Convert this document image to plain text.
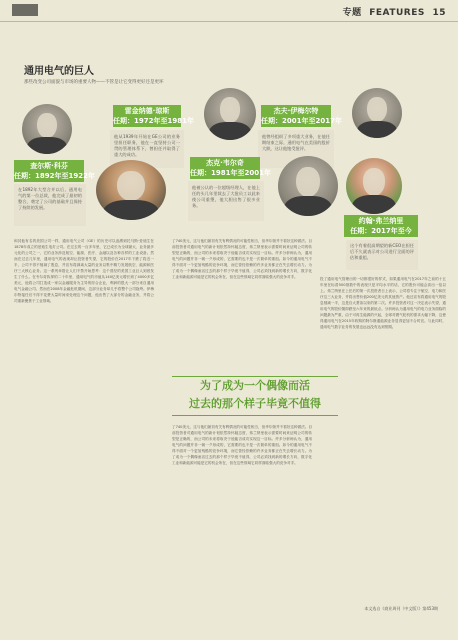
专题 FEATURES 15
通用电气的巨人

那些改变公司面貌与市场的重要人物——不管是让它变得更好还是更坏

雷金纳德·琼斯
任期：1972年至1981年
他从1939年开始在GE公司的业务里担任职务，他在一直坚持公司一贯的管理体系下，曾担任并取得了重大的成功。
杰夫·伊梅尔特
任期：2001年至2017年
他曾经组织了多项重大业务，在他任期结束之际，通用电气在美国的股价大跌，这让他饱受批评。
查尔斯·科芬
任期：1892年至1922年
在1892年大型合并以后，通用电气的第一位总裁，他完成了最初的整合，奠定了公司的基础并且保持了持续的发展。
杰克·韦尔奇
任期：1981年至2001年
他被公认的一位超级经理人，在他上任的头几年里裁去了大批员工以此来使公司重塑，他大胆出售了很多业务。
约翰·弗兰纳里
任期：2017年至今
这个有着很高期望的新CEO在担任后不久就表示对公司进行全面的评估和重组。
和其他有名的美国公司一样，通用电气公司（GE）的历史可以追溯到托马斯·爱迪生在1878年成立的爱迪生电灯公司。在过去的一百多年里，它已成长为全球最大、业务最多元化的公司之一，它的业务涉及航空、能源、医疗、金融以及各种各样的工业设备。然而在过去几年里，通用电气的表现却让投资者失望，它的股价在2017年下跌了将近一半，公司不得不削减了股息，并宣布将剥离大量的业务以集中精力发展航空、能源和医疗三大核心业务。这一系列举措让人们不禁开始思考：这个曾经的美国工业巨人到底发生了什么。在韦尔奇执掌的二十年里，通用电气的市值从140亿美元增长到了4000多亿美元，他将公司打造成一家以金融服务为主导的综合企业，利润的很大一部分来自通用电气金融公司。然而在2008年金融危机期间，这部分业务却几乎将整个公司拖垮。伊梅尔特接任后不得不花费大量时间来处理这个问题，他出售了大部分的金融业务，并将公司重新聚焦于工业领域。
了740美元，这与他们最初有关有利情况的可能性相当，但华尔街并不看好这种做法。目前投资者对通用电气的新计划依然持怀疑态度，弗兰纳里表示需要时间来证明公司的转型是正确的，而公司的未来将取决于他能否成功实现这一目标。许多分析师认为，通用电气的问题并非一朝一夕形成的，它需要的也不是一次简单的重组。如今的通用电气不得不面对一个更加残酷的竞争环境，而它曾经依赖的许多业务都正在失去增长动力。为了成为一个偶像而活过去的那个样子毕竟不值得，公司必须找到新的增长方向，数字化工业和新能源可能是它的机会所在，但在这些领域它同样面临强大的竞争对手。
了740美元，这与他们最初有关有利情况的可能性相当，但华尔街并不看好这种做法。目前投资者对通用电气的新计划依然持怀疑态度，弗兰纳里表示需要时间来证明公司的转型是正确的，而公司的未来将取决于他能否成功实现这一目标。许多分析师认为，通用电气的问题并非一朝一夕形成的，它需要的也不是一次简单的重组。如今的通用电气不得不面对一个更加残酷的竞争环境，而它曾经依赖的许多业务都正在失去增长动力。为了成为一个偶像而活过去的那个样子毕竟不值得，公司必须找到新的增长方向，数字化工业和新能源可能是它的机会所在，但在这些领域它同样面临强大的竞争对手。
投了通用电气管理出的一切都很好的样式，如果通用电气在2017年之前的十五年里在标普500指数中的表现只是平均水平的话，它的股价可能会高出一倍以上。弗兰纳里在上任后的第一次投资者日上表示，公司将专注于航空、电力和医疗这三大业务，并将出售价值200亿美元的其他资产。他还宣布将通用电气的股息削减一半，这是自大萧条以来的第二次。许多投资者对这一决定表示失望，通用电气的股价随即跌至六年来的最低点。分析师认为通用电气的电力业务面临的问题最为严重，由于可再生能源的兴起，全球对燃气轮机的需求大幅下降，这使得通用电气在2015年收购的阿尔斯通能源业务显得更加不合时宜。与此同时，通用电气数字业务的发展也远远没有达到预期。
为了成为一个偶像而活
过去的那个样子毕竟不值得
本文选自《商业周刊（中文版）》第453期
